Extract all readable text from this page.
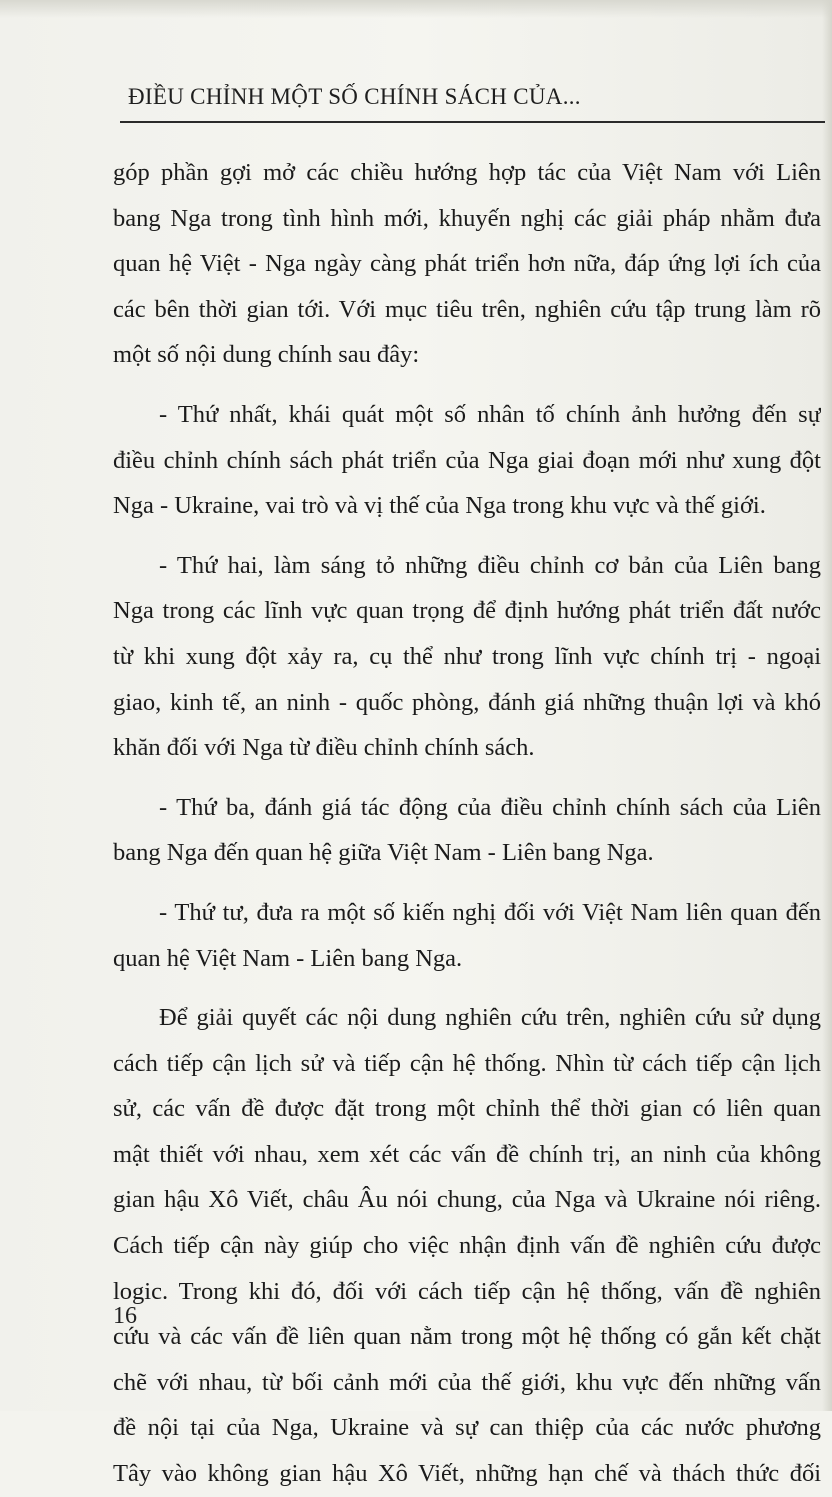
ĐIỀU CHỈNH MỘT SỐ CHÍNH SÁCH CỦA...
góp phần gợi mở các chiều hướng hợp tác của Việt Nam với Liên
bang Nga trong tình hình mới, khuyến nghị các giải pháp nhằm đưa
quan hệ Việt - Nga ngày càng phát triển hơn nữa, đáp ứng lợi ích của
các bên thời gian tới. Với mục tiêu trên, nghiên cứu tập trung làm rõ
một số nội dung chính sau đây:
- Thứ nhất, khái quát một số nhân tố chính ảnh hưởng đến sự
điều chỉnh chính sách phát triển của Nga giai đoạn mới như xung đột
Nga - Ukraine, vai trò và vị thế của Nga trong khu vực và thế giới.
- Thứ hai, làm sáng tỏ những điều chỉnh cơ bản của Liên bang
Nga trong các lĩnh vực quan trọng để định hướng phát triển đất nước
từ khi xung đột xảy ra, cụ thể như trong lĩnh vực chính trị - ngoại
giao, kinh tế, an ninh - quốc phòng, đánh giá những thuận lợi và khó
khăn đối với Nga từ điều chỉnh chính sách.
- Thứ ba, đánh giá tác động của điều chỉnh chính sách của Liên
bang Nga đến quan hệ giữa Việt Nam - Liên bang Nga.
- Thứ tư, đưa ra một số kiến nghị đối với Việt Nam liên quan đến
quan hệ Việt Nam - Liên bang Nga.
Để giải quyết các nội dung nghiên cứu trên, nghiên cứu sử dụng
cách tiếp cận lịch sử và tiếp cận hệ thống. Nhìn từ cách tiếp cận lịch
sử, các vấn đề được đặt trong một chỉnh thể thời gian có liên quan
mật thiết với nhau, xem xét các vấn đề chính trị, an ninh của không
gian hậu Xô Viết, châu Âu nói chung, của Nga và Ukraine nói riêng.
Cách tiếp cận này giúp cho việc nhận định vấn đề nghiên cứu được
logic. Trong khi đó, đối với cách tiếp cận hệ thống, vấn đề nghiên
cứu và các vấn đề liên quan nằm trong một hệ thống có gắn kết chặt
chẽ với nhau, từ bối cảnh mới của thế giới, khu vực đến những vấn
đề nội tại của Nga, Ukraine và sự can thiệp của các nước phương
Tây vào không gian hậu Xô Viết, những hạn chế và thách thức đối
16
